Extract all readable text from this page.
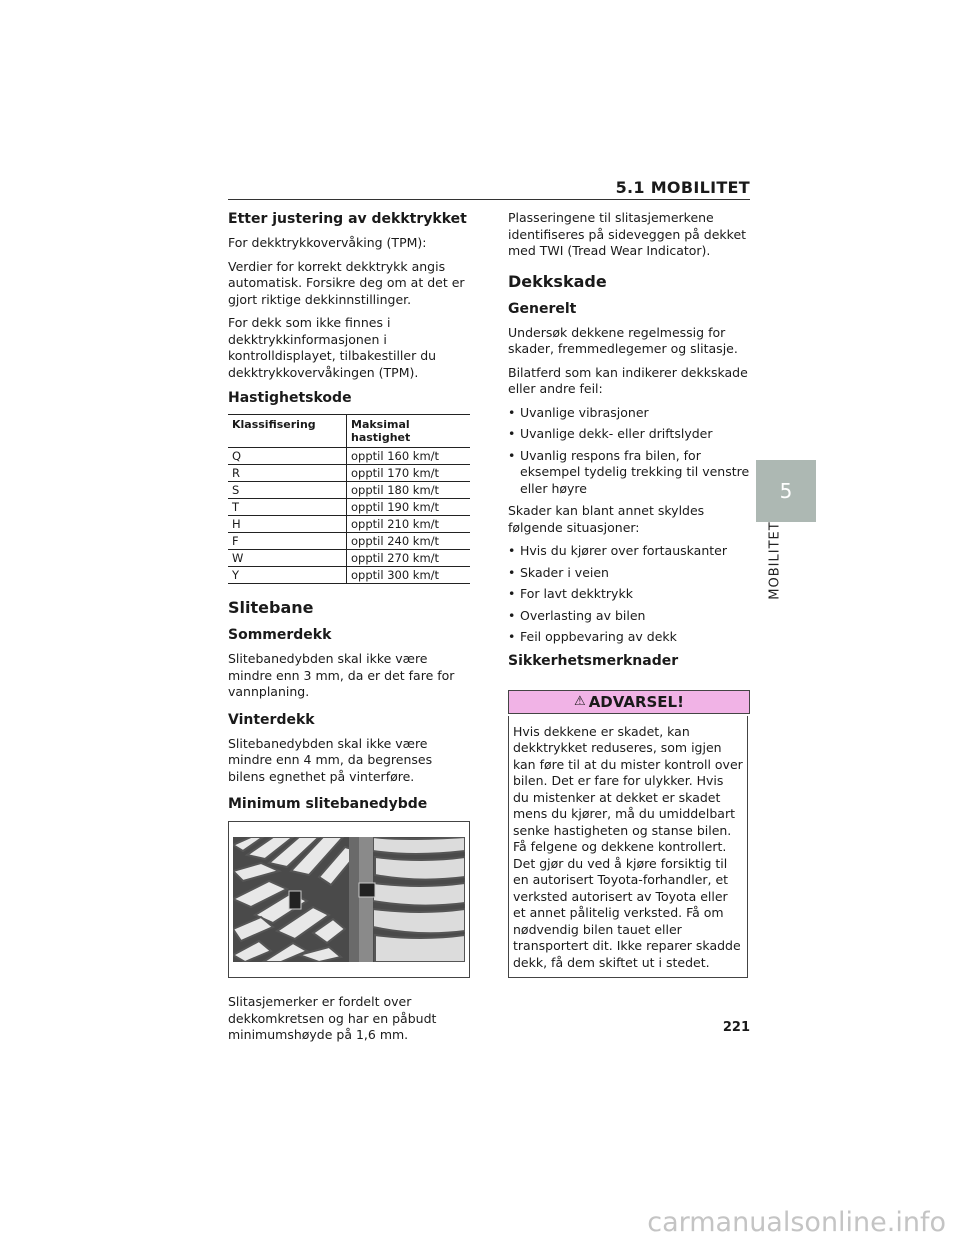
5.1 MOBILITET
5
MOBILITET
Etter justering av dekktrykket

For dekktrykkovervåking (TPM):

Verdier for korrekt dekktrykk angis automatisk. Forsikre deg om at det er gjort riktige dekkinnstillinger.

For dekk som ikke finnes i dekktrykkinformasjonen i kontrolldisplayet, tilbakestiller du dekktrykkovervåkingen (TPM).

Hastighetskode
Klassifisering	Maksimal hastighet
Q	opptil 160 km/t
R	opptil 170 km/t
S	opptil 180 km/t
T	opptil 190 km/t
H	opptil 210 km/t
F	opptil 240 km/t
W	opptil 270 km/t
Y	opptil 300 km/t
Slitebane
Sommerdekk

Slitebanedybden skal ikke være mindre enn 3 mm, da er det fare for vannplaning.

Vinterdekk

Slitebanedybden skal ikke være mindre enn 4 mm, da begrenses bilens egnethet på vinterføre.

Minimum slitebanedybde

Slitasjemerker er fordelt over dekkomkretsen og har en påbudt minimumshøyde på 1,6 mm.

Plasseringene til slitasjemerkene identifiseres på sideveggen på dekket med TWI (Tread Wear Indicator).

Dekkskade
Generelt

Undersøk dekkene regelmessig for skader, fremmedlegemer og slitasje.

Bilatferd som kan indikerer dekkskade eller andre feil:

• Uvanlige vibrasjoner
• Uvanlige dekk- eller driftslyder
• Uvanlig respons fra bilen, for eksempel tydelig trekking til venstre eller høyre

Skader kan blant annet skyldes følgende situasjoner:

• Hvis du kjører over fortauskanter
• Skader i veien
• For lavt dekktrykk
• Overlasting av bilen
• Feil oppbevaring av dekk
Sikkerhetsmerknader
⚠ ADVARSEL!

Hvis dekkene er skadet, kan dekktrykket reduseres, som igjen kan føre til at du mister kontroll over bilen. Det er fare for ulykker. Hvis du mistenker at dekket er skadet mens du kjører, må du umiddelbart senke hastigheten og stanse bilen. Få felgene og dekkene kontrollert. Det gjør du ved å kjøre forsiktig til en autorisert Toyota-forhandler, et verksted autorisert av Toyota eller et annet pålitelig verksted. Få om nødvendig bilen tauet eller transportert dit. Ikke reparer skadde dekk, få dem skiftet ut i stedet.

221
carmanualsonline.info
